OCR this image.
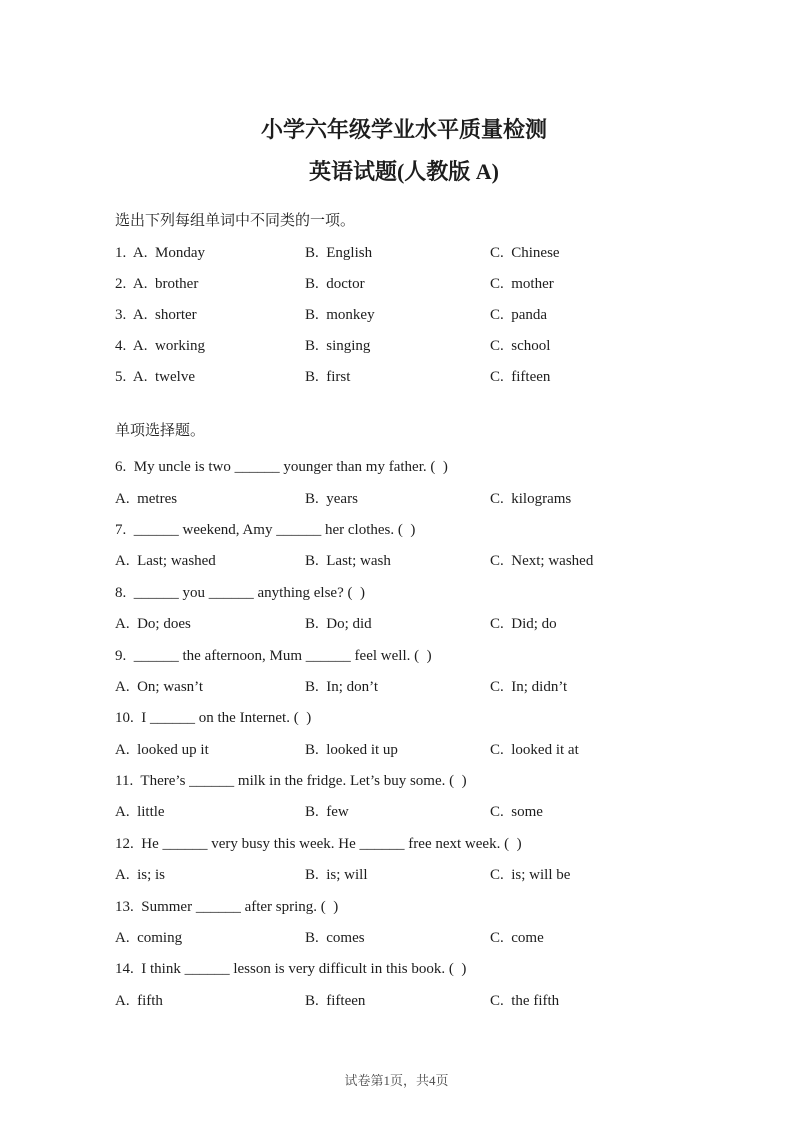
小学六年级学业水平质量检测
英语试题(人教版 A)

选出下列每组单词中不同类的一项。

1.  A.  Monday	B.  English	C.  Chinese
2.  A.  brother	B.  doctor	C.  mother
3.  A.  shorter	B.  monkey	C.  panda
4.  A.  working	B.  singing	C.  school
5.  A.  twelve	B.  first	C.  fifteen

单项选择题。

6.  My uncle is two ______ younger than my father. (  )

A.  metres	B.  years	C.  kilograms

7.  ______ weekend, Amy ______ her clothes. (  )

A.  Last; washed	B.  Last; wash	C.  Next; washed

8.  ______ you ______ anything else? (  )

A.  Do; does	B.  Do; did	C.  Did; do

9.  ______ the afternoon, Mum ______ feel well. (  )

A.  On; wasn’t	B.  In; don’t	C.  In; didn’t

10.  I ______ on the Internet. (  )

A.  looked up it	B.  looked it up	C.  looked it at

11.  There’s ______ milk in the fridge. Let’s buy some. (  )

A.  little	B.  few	C.  some

12.  He ______ very busy this week. He ______ free next week. (  )

A.  is; is	B.  is; will	C.  is; will be

13.  Summer ______ after spring. (  )

A.  coming	B.  comes	C.  come

14.  I think ______ lesson is very difficult in this book. (  )

A.  fifth	B.  fifteen	C.  the fifth
试卷第1页，共4页
